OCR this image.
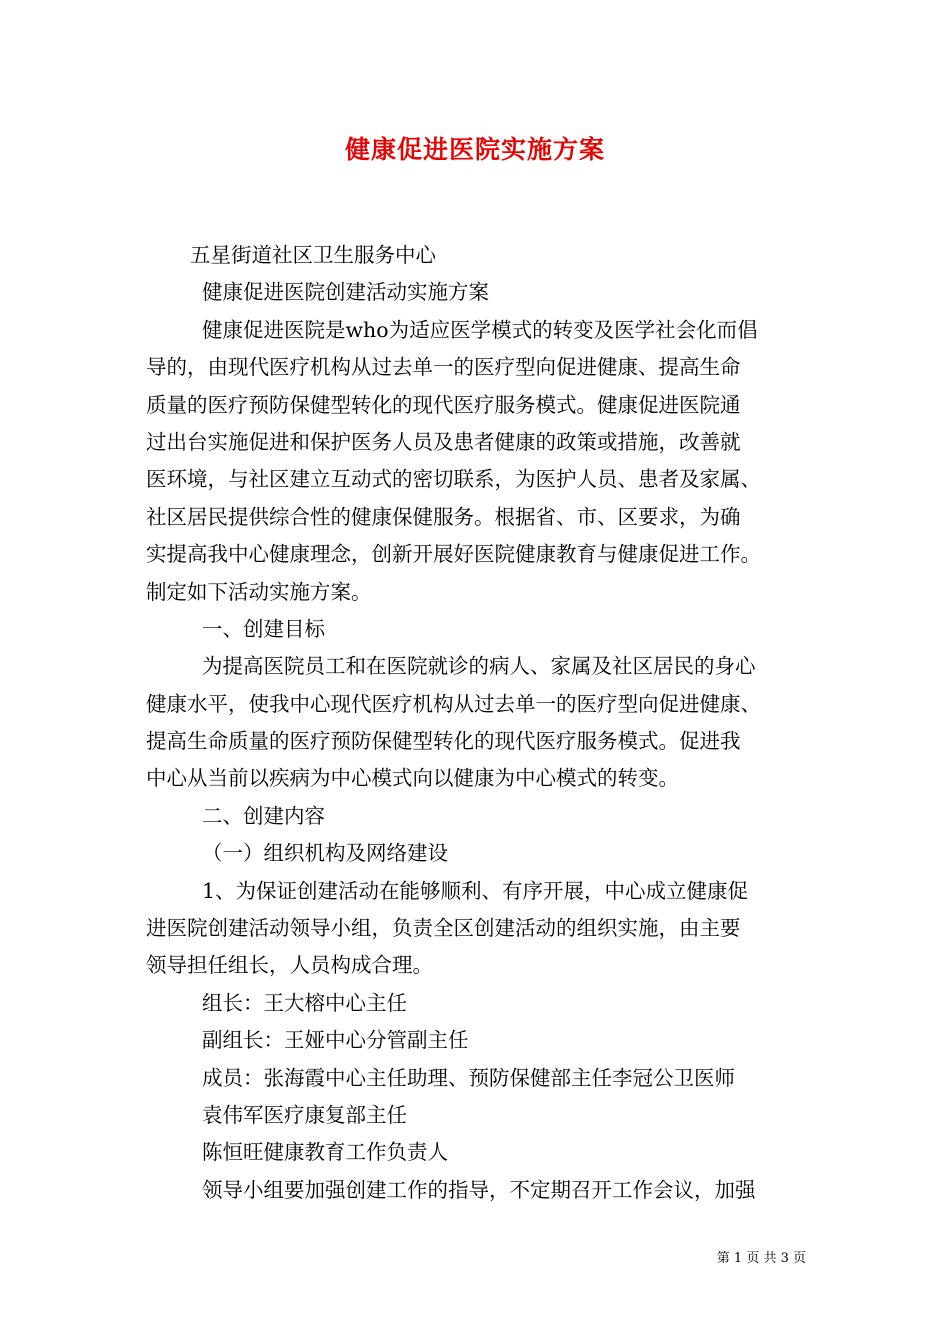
健康促进医院实施方案
五星街道社区卫生服务中心
健康促进医院创建活动实施方案
健康促进医院是who为适应医学模式的转变及医学社会化而倡
导的，由现代医疗机构从过去单一的医疗型向促进健康、提高生命
质量的医疗预防保健型转化的现代医疗服务模式。健康促进医院通
过出台实施促进和保护医务人员及患者健康的政策或措施，改善就
医环境，与社区建立互动式的密切联系，为医护人员、患者及家属、
社区居民提供综合性的健康保健服务。根据省、市、区要求，为确
实提高我中心健康理念，创新开展好医院健康教育与健康促进工作。
制定如下活动实施方案。
一、创建目标
为提高医院员工和在医院就诊的病人、家属及社区居民的身心
健康水平，使我中心现代医疗机构从过去单一的医疗型向促进健康、
提高生命质量的医疗预防保健型转化的现代医疗服务模式。促进我
中心从当前以疾病为中心模式向以健康为中心模式的转变。
二、创建内容
（一）组织机构及网络建设
1、为保证创建活动在能够顺利、有序开展，中心成立健康促
进医院创建活动领导小组，负责全区创建活动的组织实施，由主要
领导担任组长，人员构成合理。
组长：王大榕中心主任
副组长：王娅中心分管副主任
成员：张海霞中心主任助理、预防保健部主任李冠公卫医师
袁伟军医疗康复部主任
陈恒旺健康教育工作负责人
领导小组要加强创建工作的指导，不定期召开工作会议，加强
第 1 页 共 3 页
